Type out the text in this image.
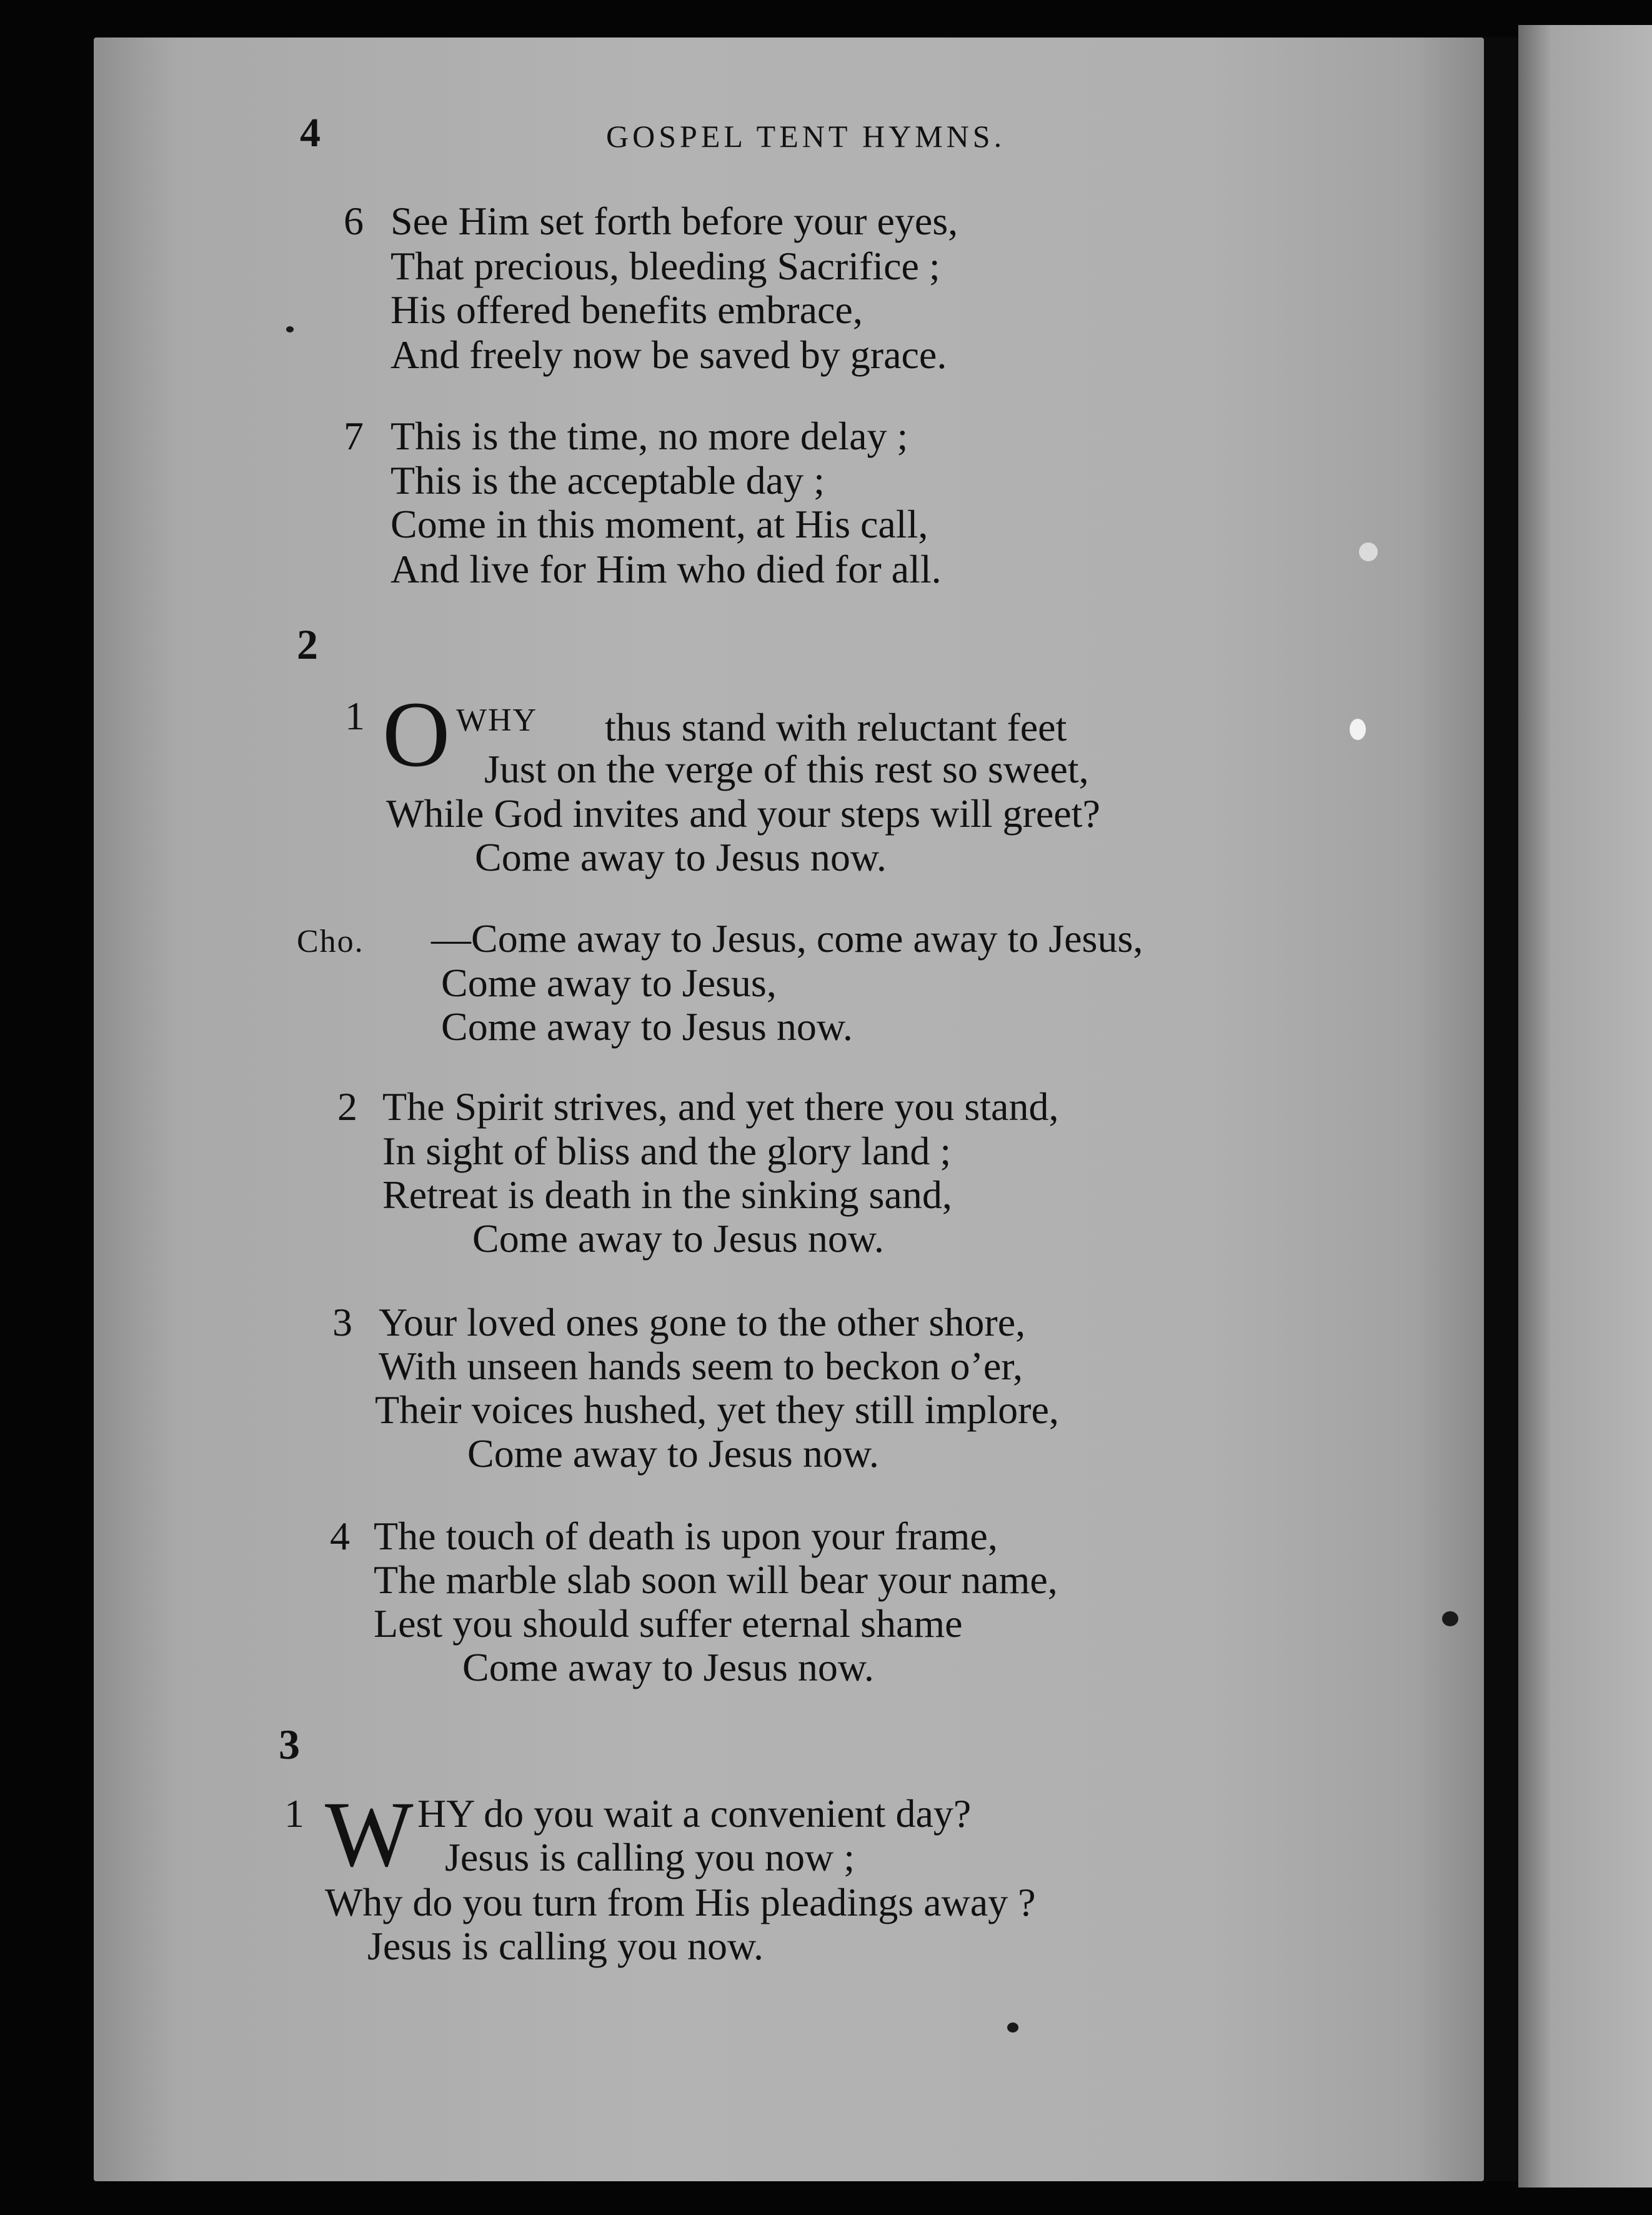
4	GOSPEL TENT HYMNS.
6 See Him set forth before your eyes,
That precious, bleeding Sacrifice ;
His offered benefits embrace,
And freely now be saved by grace.
7 This is the time, no more delay ;
This is the acceptable day ;
Come in this moment, at His call,
And live for Him who died for all.
2
1 O WHY thus stand with reluctant feet
Just on the verge of this rest so sweet,
While God invites and your steps will greet?
Come away to Jesus now.
Cho. —Come away to Jesus, come away to Jesus,
Come away to Jesus,
Come away to Jesus now.
2 The Spirit strives, and yet there you stand,
In sight of bliss and the glory land ;
Retreat is death in the sinking sand,
Come away to Jesus now.
3 Your loved ones gone to the other shore,
With unseen hands seem to beckon o’er,
Their voices hushed, yet they still implore,
Come away to Jesus now.
4 The touch of death is upon your frame,
The marble slab soon will bear your name,
Lest you should suffer eternal shame
Come away to Jesus now.
3
1 W HY do you wait a convenient day?
Jesus is calling you now ;
Why do you turn from His pleadings away ?
Jesus is calling you now.
